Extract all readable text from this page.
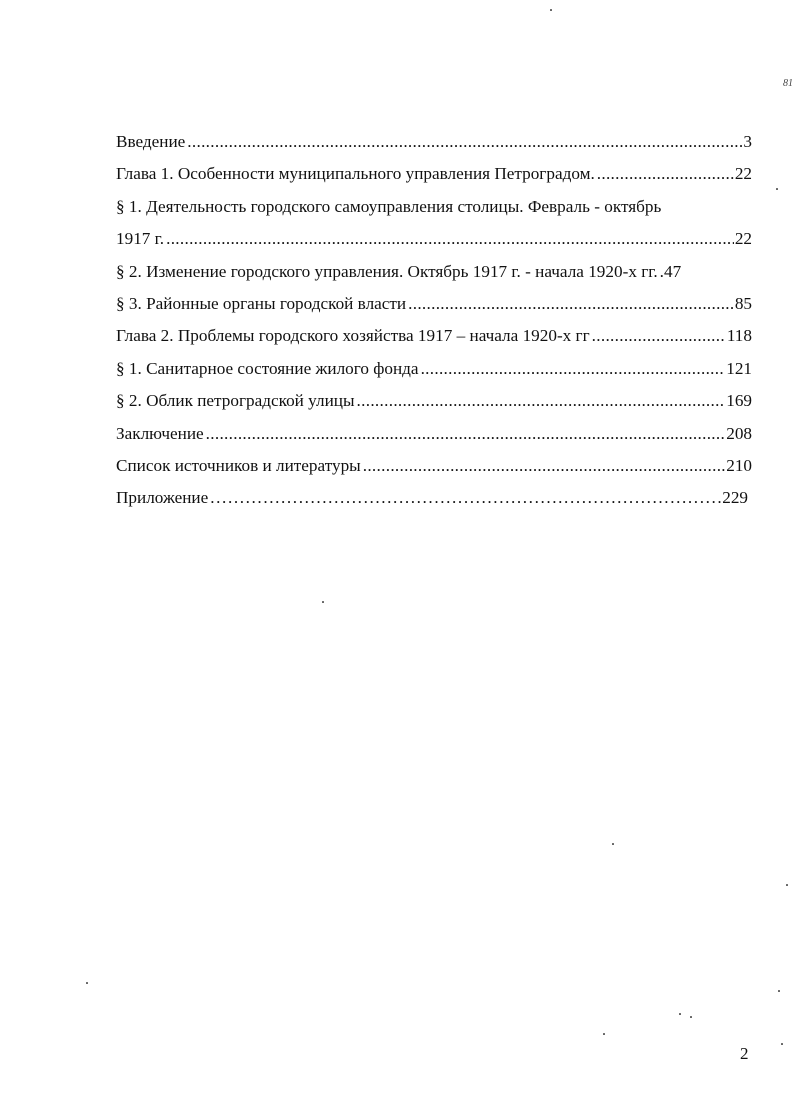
81
Введение .....	3
Глава 1. Особенности муниципального управления Петроградом. .....	22
§ 1. Деятельность городского самоуправления столицы. Февраль - октябрь
1917 г. .....	22
§ 2. Изменение городского управления. Октябрь 1917 г. - начала 1920-х гг. .47
§ 3. Районные органы городской власти .....	85
Глава 2. Проблемы городского хозяйства 1917 – начала 1920-х гг .....	118
§ 1. Санитарное состояние жилого фонда .....	121
§ 2. Облик петроградской улицы .....	169
Заключение .....	208
Список источников и литературы .....	210
Приложение .....	229
2
